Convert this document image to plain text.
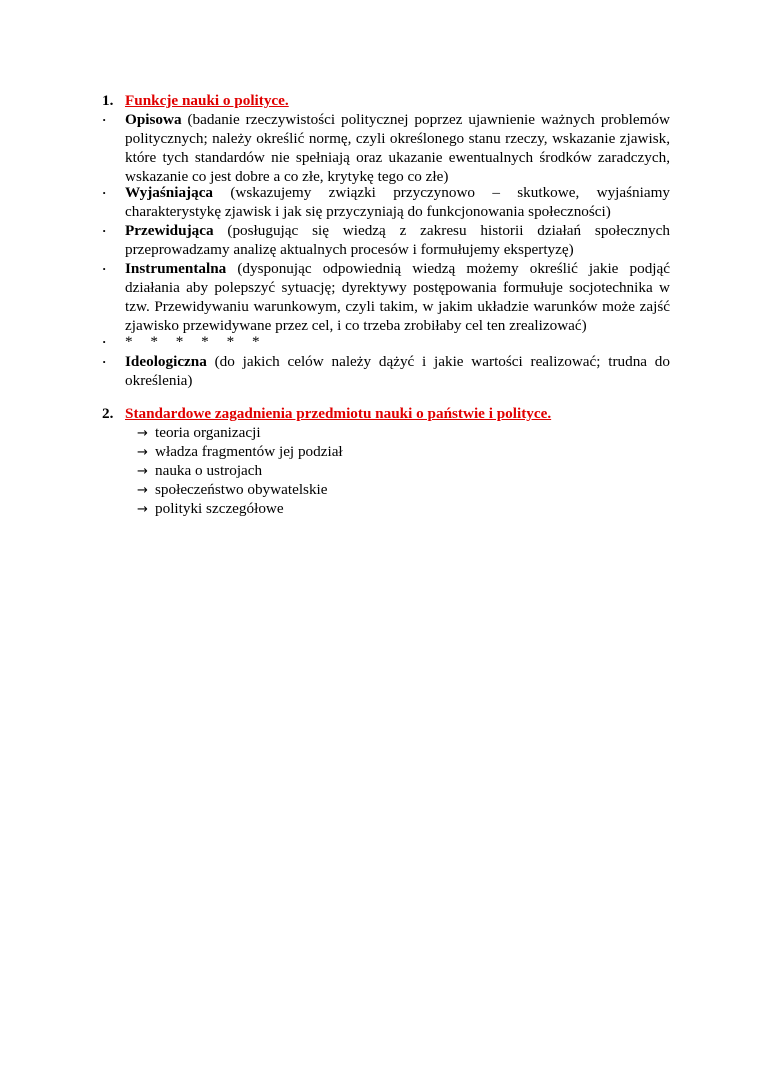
1. Funkcje nauki o polityce.
·	Opisowa (badanie rzeczywistości politycznej poprzez ujawnienie ważnych problemów politycznych; należy określić normę, czyli określonego stanu rzeczy, wskazanie zjawisk, które tych standardów nie spełniają oraz ukazanie ewentualnych środków zaradczych, wskazanie co jest dobre a co złe, krytykę tego co złe)
·	Wyjaśniająca (wskazujemy związki przyczynowo – skutkowe, wyjaśniamy charakterystykę zjawisk i jak się przyczyniają do funkcjonowania społeczności)
·	Przewidująca (posługując się wiedzą z zakresu historii działań społecznych przeprowadzamy analizę aktualnych procesów i formułujemy ekspertyzę)
·	Instrumentalna (dysponując odpowiednią wiedzą możemy określić jakie podjąć działania aby polepszyć sytuację; dyrektywy postępowania formułuje socjotechnika w tzw. Przewidywaniu warunkowym, czyli takim, w jakim układzie warunków może zajść zjawisko przewidywane przez cel, i co trzeba zrobiłaby cel ten zrealizować)
·	* * * * * *
·	Ideologiczna (do jakich celów należy dążyć i jakie wartości realizować; trudna do określenia)
2. Standardowe zagadnienia przedmiotu nauki o państwie i polityce.
→ teoria organizacji
→ władza fragmentów jej podział
→ nauka o ustrojach
→ społeczeństwo obywatelskie
→ polityki szczegółowe
